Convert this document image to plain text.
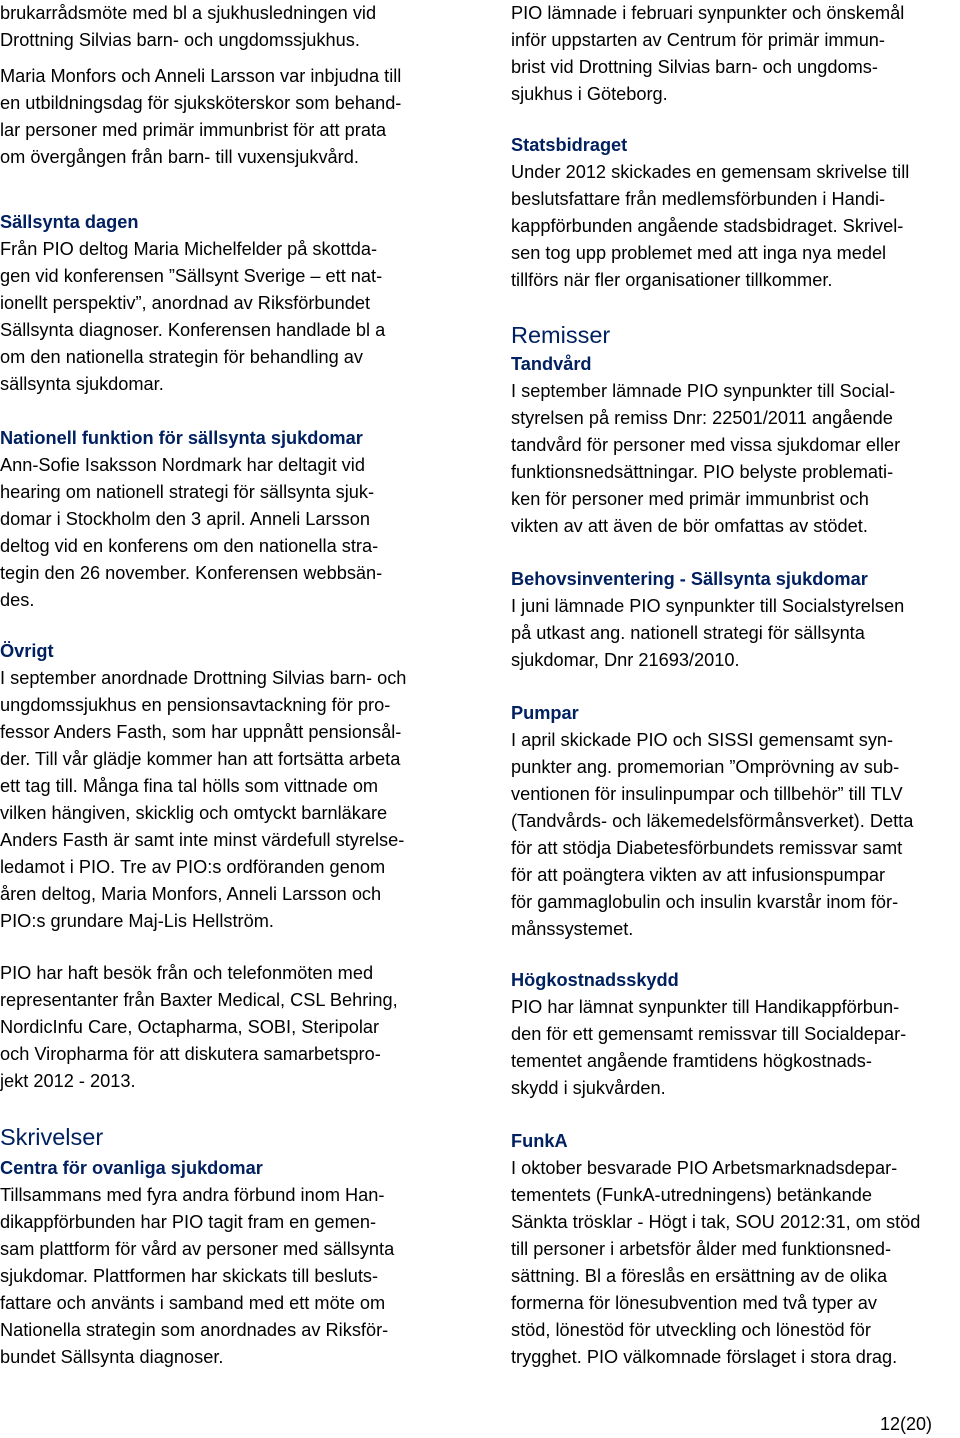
brukarrådsmöte med bl a sjukhusledningen vid
Drottning Silvias barn- och ungdomssjukhus.
Maria Monfors och Anneli Larsson var inbjudna till
en utbildningsdag för sjuksköterskor som behand-
lar personer med primär immunbrist för att prata
om övergången från barn- till vuxensjukvård.
Sällsynta dagen
Från PIO deltog Maria Michelfelder på skottda-
gen vid konferensen ”Sällsynt Sverige – ett nat-
ionellt perspektiv”, anordnad av Riksförbundet
Sällsynta diagnoser. Konferensen handlade bl a
om den nationella strategin för behandling av
sällsynta sjukdomar.
Nationell funktion för sällsynta sjukdomar
Ann-Sofie Isaksson Nordmark har deltagit vid
hearing om nationell strategi för sällsynta sjuk-
domar i Stockholm den 3 april. Anneli Larsson
deltog vid en konferens om den nationella stra-
tegin den 26 november. Konferensen webbsän-
des.
Övrigt
I september anordnade Drottning Silvias barn- och
ungdomssjukhus en pensionsavtackning för pro-
fessor Anders Fasth, som har uppnått pensionsål-
der. Till vår glädje kommer han att fortsätta arbeta
ett tag till. Många fina tal hölls som vittnade om
vilken hängiven, skicklig och omtyckt barnläkare
Anders Fasth är samt inte minst värdefull styrelse-
ledamot i PIO. Tre av PIO:s ordföranden genom
åren deltog, Maria Monfors, Anneli Larsson och
PIO:s grundare Maj-Lis Hellström.
PIO har haft besök från och telefonmöten med
representanter från Baxter Medical, CSL Behring,
NordicInfu Care, Octapharma, SOBI, Steripolar
och Viropharma för att diskutera samarbetspro-
jekt 2012 - 2013.
Skrivelser
Centra för ovanliga sjukdomar
Tillsammans med fyra andra förbund inom Han-
dikappförbunden har PIO tagit fram en gemen-
sam plattform för vård av personer med sällsynta
sjukdomar. Plattformen har skickats till besluts-
fattare och använts i samband med ett möte om
Nationella strategin som anordnades av Riksför-
bundet Sällsynta diagnoser.
PIO lämnade i februari synpunkter och önskemål
inför uppstarten av Centrum för primär immun-
brist vid Drottning Silvias barn- och ungdoms-
sjukhus i Göteborg.
Statsbidraget
Under 2012 skickades en gemensam skrivelse till
beslutsfattare från medlemsförbunden i Handi-
kappförbunden angående stadsbidraget. Skrivel-
sen tog upp problemet med att inga nya medel
tillförs när fler organisationer tillkommer.
Remisser
Tandvård
I september lämnade PIO synpunkter till Social-
styrelsen på remiss Dnr: 22501/2011 angående
tandvård för personer med vissa sjukdomar eller
funktionsnedsättningar. PIO belyste problemati-
ken för personer med primär immunbrist och
vikten av att även de bör omfattas av stödet.
Behovsinventering - Sällsynta sjukdomar
I juni lämnade PIO synpunkter till Socialstyrelsen
på utkast ang. nationell strategi för sällsynta
sjukdomar, Dnr 21693/2010.
Pumpar
I april skickade PIO och SISSI gemensamt syn-
punkter ang. promemorian ”Omprövning av sub-
ventionen för insulinpumpar och tillbehör” till TLV
(Tandvårds- och läkemedelsförmånsverket). Detta
för att stödja Diabetesförbundets remissvar samt
för att poängtera vikten av att infusionspumpar
för gammaglobulin och insulin kvarstår inom för-
månssystemet.
Högkostnadsskydd
PIO har lämnat synpunkter till Handikappförbun-
den för ett gemensamt remissvar till Socialdepar-
tementet angående framtidens högkostnads-
skydd i sjukvården.
FunkA
I oktober besvarade PIO Arbetsmarknadsdepar-
tementets (FunkA-utredningens) betänkande
Sänkta trösklar - Högt i tak, SOU 2012:31, om stöd
till personer i arbetsför ålder med funktionsned-
sättning. Bl a föreslås en ersättning av de olika
formerna för lönesubvention med två typer av
stöd, lönestöd för utveckling och lönestöd för
trygghet. PIO välkomnade förslaget i stora drag.
12(20)
